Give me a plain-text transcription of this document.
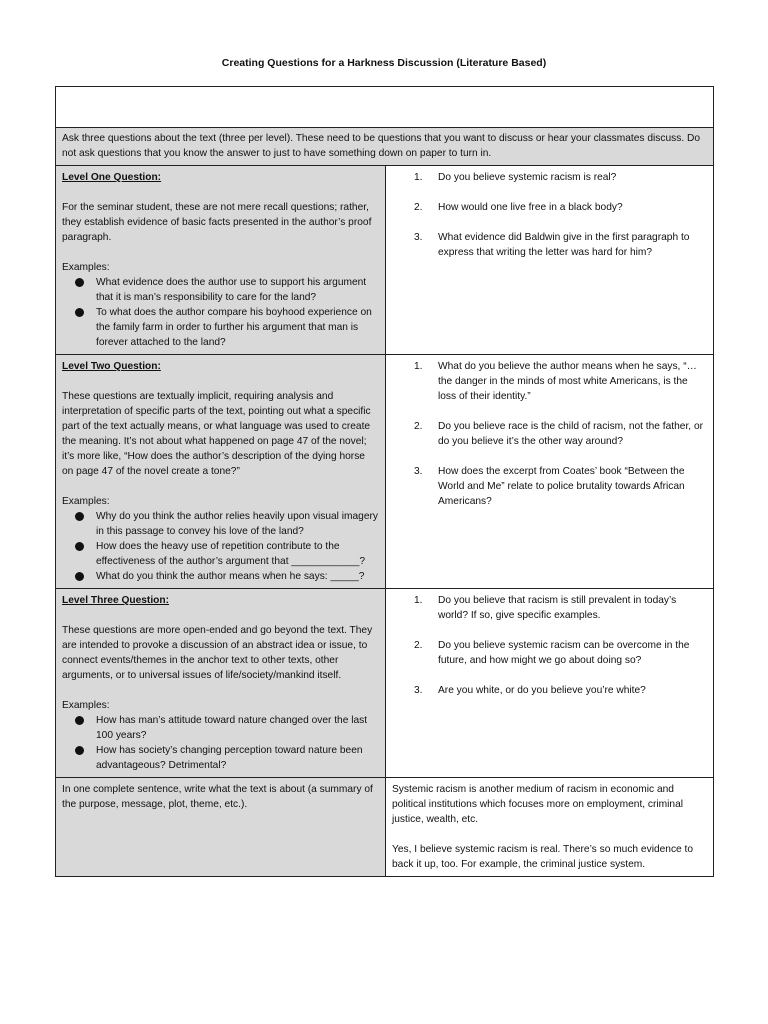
Creating Questions for a Harkness Discussion (Literature Based)
Ask three questions about the text (three per level). These need to be questions that you want to discuss or hear your classmates discuss. Do not ask questions that you know the answer to just to have something down on paper to turn in.
Level One Question:
For the seminar student, these are not mere recall questions; rather, they establish evidence of basic facts presented in the author’s proof paragraph.
Examples:
What evidence does the author use to support his argument that it is man’s responsibility to care for the land?
To what does the author compare his boyhood experience on the family farm in order to further his argument that man is forever attached to the land?
1. Do you believe systemic racism is real?
2. How would one live free in a black body?
3. What evidence did Baldwin give in the first paragraph to express that writing the letter was hard for him?
Level Two Question:
These questions are textually implicit, requiring analysis and interpretation of specific parts of the text, pointing out what a specific part of the text actually means, or what language was used to create the meaning. It’s not about what happened on page 47 of the novel; it’s more like, “How does the author’s description of the dying horse on page 47 of the novel create a tone?”
Examples:
Why do you think the author relies heavily upon visual imagery in this passage to convey his love of the land?
How does the heavy use of repetition contribute to the effectiveness of the author’s argument that ____________?
What do you think the author means when he says: _____?
1. What do you believe the author means when he says, “… the danger in the minds of most white Americans, is the loss of their identity.”
2. Do you believe race is the child of racism, not the father, or do you believe it’s the other way around?
3. How does the excerpt from Coates’ book “Between the World and Me” relate to police brutality towards African Americans?
Level Three Question:
These questions are more open-ended and go beyond the text. They are intended to provoke a discussion of an abstract idea or issue, to connect events/themes in the anchor text to other texts, other arguments, or to universal issues of life/society/mankind itself.
Examples:
How has man’s attitude toward nature changed over the last 100 years?
How has society’s changing perception toward nature been advantageous? Detrimental?
1. Do you believe that racism is still prevalent in today’s world? If so, give specific examples.
2. Do you believe systemic racism can be overcome in the future, and how might we go about doing so?
3. Are you white, or do you believe you’re white?
In one complete sentence, write what the text is about (a summary of the purpose, message, plot, theme, etc.).
Systemic racism is another medium of racism in economic and political institutions which focuses more on employment, criminal justice, wealth, etc.
Yes, I believe systemic racism is real. There’s so much evidence to back it up, too. For example, the criminal justice system.
